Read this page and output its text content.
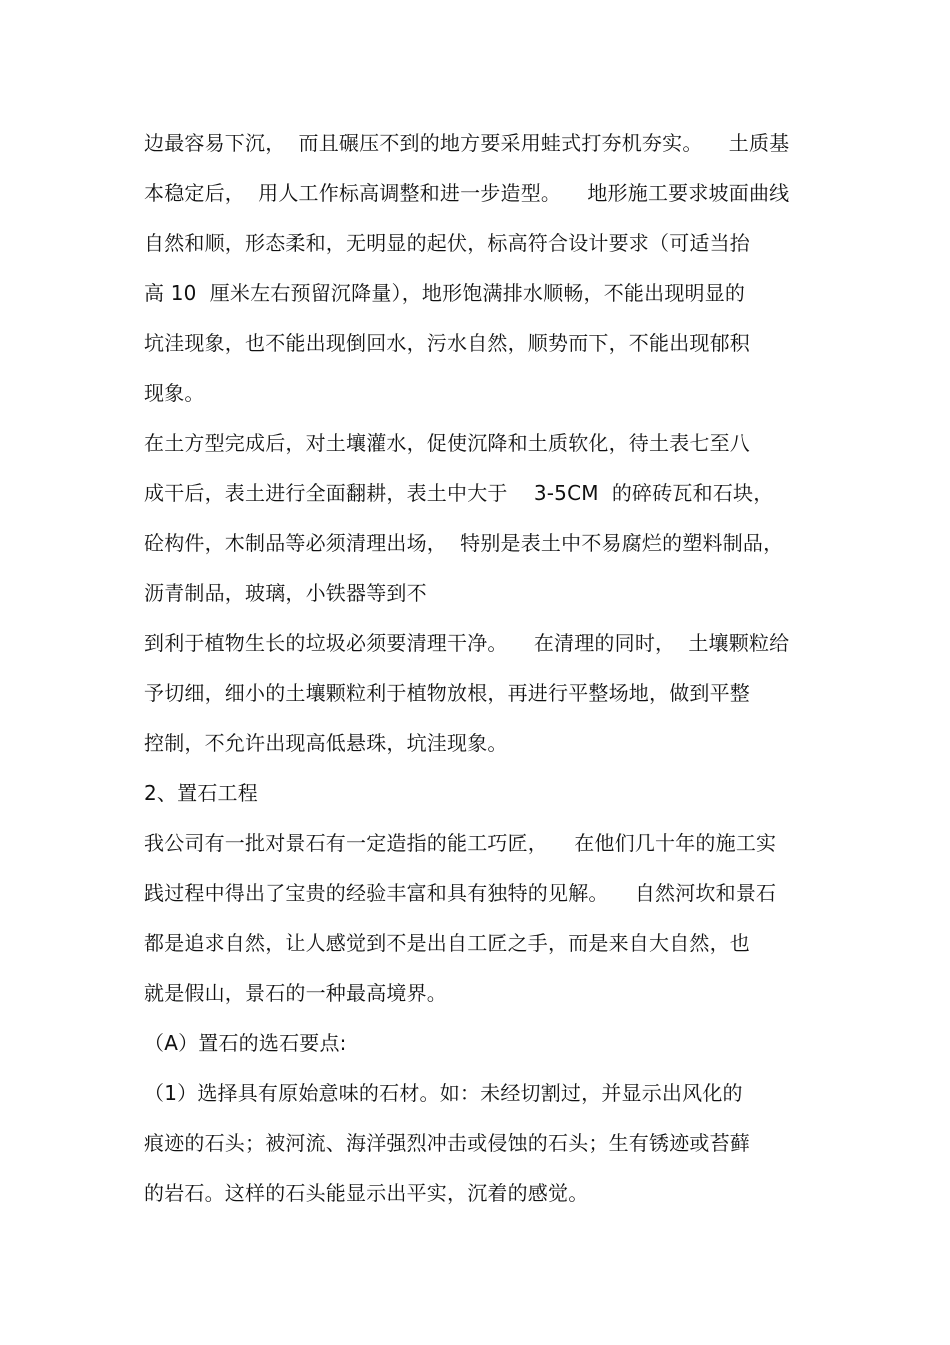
边最容易下沉，  而且碾压不到的地方要采用蛙式打夯机夯实。    土质基
本稳定后，  用人工作标高调整和进一步造型。    地形施工要求坡面曲线
自然和顺，形态柔和，无明显的起伏，标高符合设计要求（可适当抬
高 10  厘米左右预留沉降量），地形饱满排水顺畅，不能出现明显的
坑洼现象，也不能出现倒回水，污水自然，顺势而下，不能出现郁积
现象。
在土方型完成后，对土壤灌水，促使沉降和土质软化，待土表七至八
成干后，表土进行全面翻耕，表土中大于    3-5CM  的碎砖瓦和石块，
砼构件，木制品等必须清理出场，  特别是表土中不易腐烂的塑料制品，
沥青制品，玻璃，小铁器等到不
到利于植物生长的垃圾必须要清理干净。    在清理的同时，  土壤颗粒给
予切细，细小的土壤颗粒利于植物放根，再进行平整场地，做到平整
控制，不允许出现高低悬珠，坑洼现象。
2、置石工程
我公司有一批对景石有一定造指的能工巧匠，    在他们几十年的施工实
践过程中得出了宝贵的经验丰富和具有独特的见解。    自然河坎和景石
都是追求自然，让人感觉到不是出自工匠之手，而是来自大自然，也
就是假山，景石的一种最高境界。
（A）置石的选石要点:
（1）选择具有原始意味的石材。如：未经切割过，并显示出风化的
痕迹的石头；被河流、海洋强烈冲击或侵蚀的石头；生有锈迹或苔藓
的岩石。这样的石头能显示出平实，沉着的感觉。
